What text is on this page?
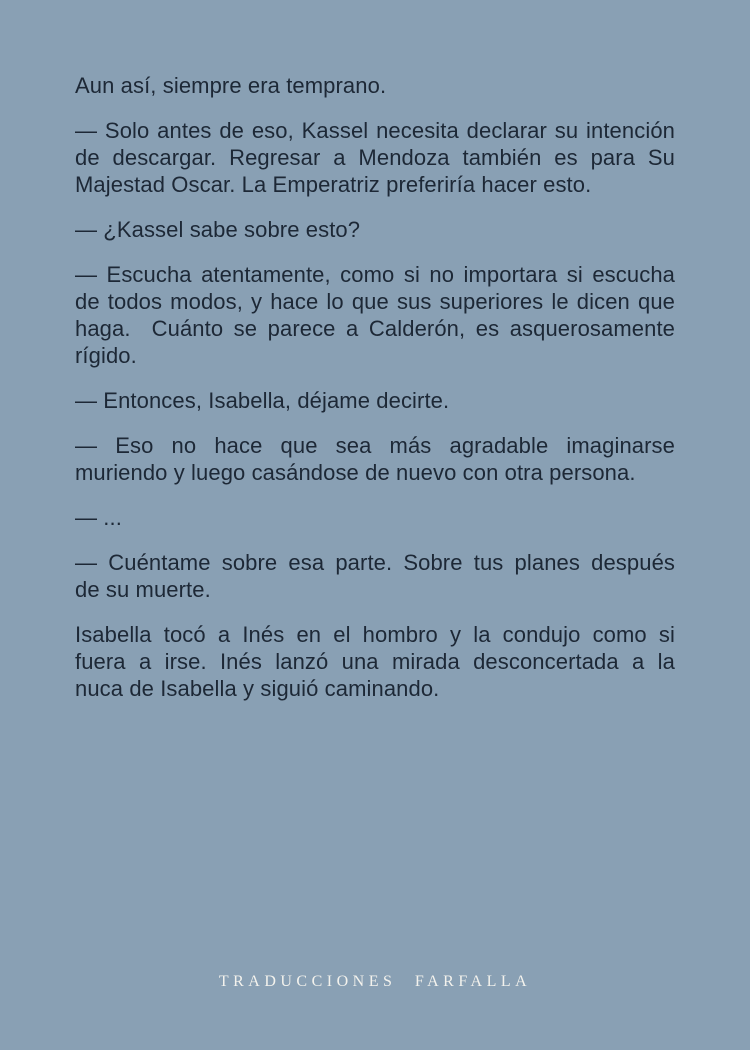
Aun así, siempre era temprano.
— Solo antes de eso, Kassel necesita declarar su intención
de descargar. Regresar a Mendoza también es para Su
Majestad Oscar. La Emperatriz preferiría hacer esto.
— ¿Kassel sabe sobre esto?
— Escucha atentamente, como si no importara si escucha
de todos modos, y hace lo que sus superiores le dicen que
haga.  Cuánto se parece a Calderón, es asquerosamente
rígido.
— Entonces, Isabella, déjame decirte.
— Eso no hace que sea más agradable imaginarse
muriendo y luego casándose de nuevo con otra persona.
— ...
— Cuéntame sobre esa parte. Sobre tus planes después
de su muerte.
Isabella tocó a Inés en el hombro y la condujo como si
fuera a irse. Inés lanzó una mirada desconcertada a la
nuca de Isabella y siguió caminando.
TRADUCCIONES FARFALLA
